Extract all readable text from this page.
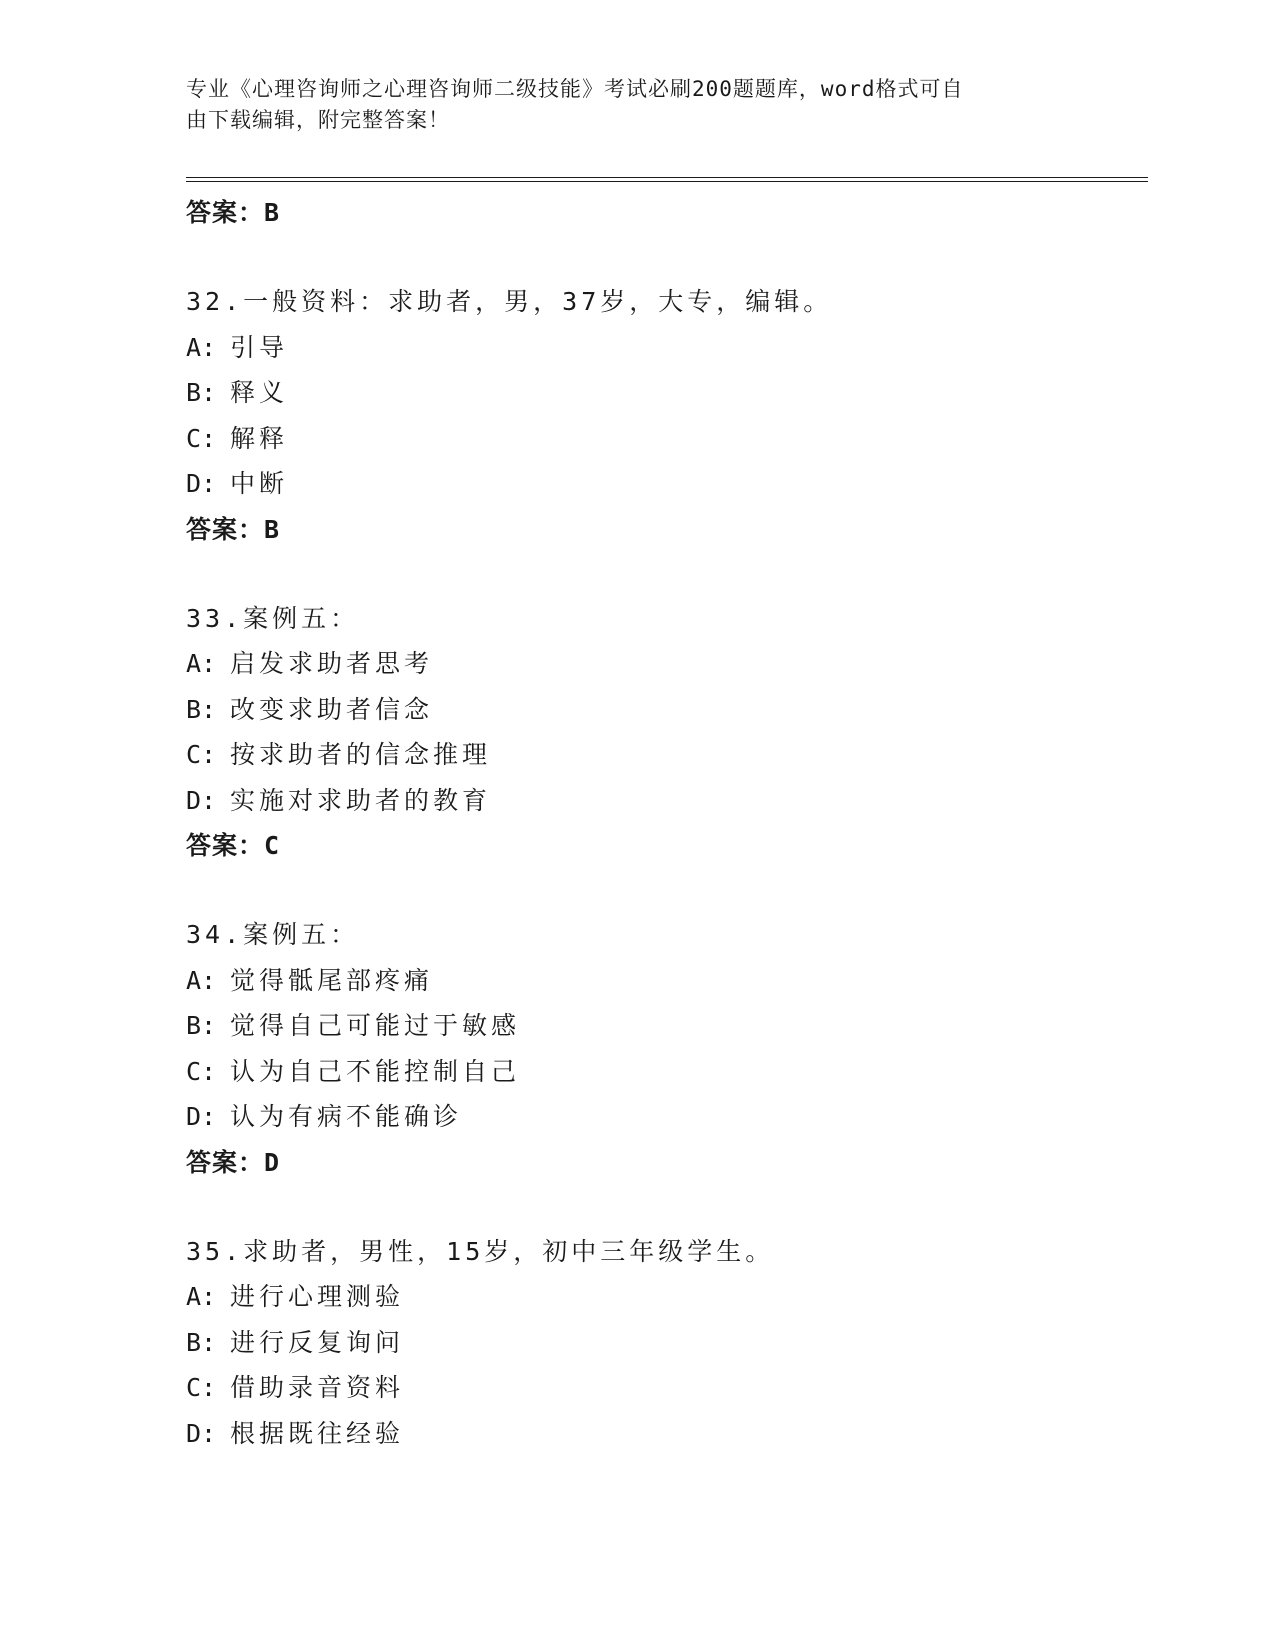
专业《心理咨询师之心理咨询师二级技能》考试必刷200题题库，word格式可自
由下载编辑，附完整答案！
答案：B
32.一般资料：求助者，男，37岁，大专，编辑。
A: 引导
B: 释义
C: 解释
D: 中断
答案：B
33.案例五：
A: 启发求助者思考
B: 改变求助者信念
C: 按求助者的信念推理
D: 实施对求助者的教育
答案：C
34.案例五：
A: 觉得骶尾部疼痛
B: 觉得自己可能过于敏感
C: 认为自己不能控制自己
D: 认为有病不能确诊
答案：D
35.求助者，男性，15岁，初中三年级学生。
A: 进行心理测验
B: 进行反复询问
C: 借助录音资料
D: 根据既往经验
